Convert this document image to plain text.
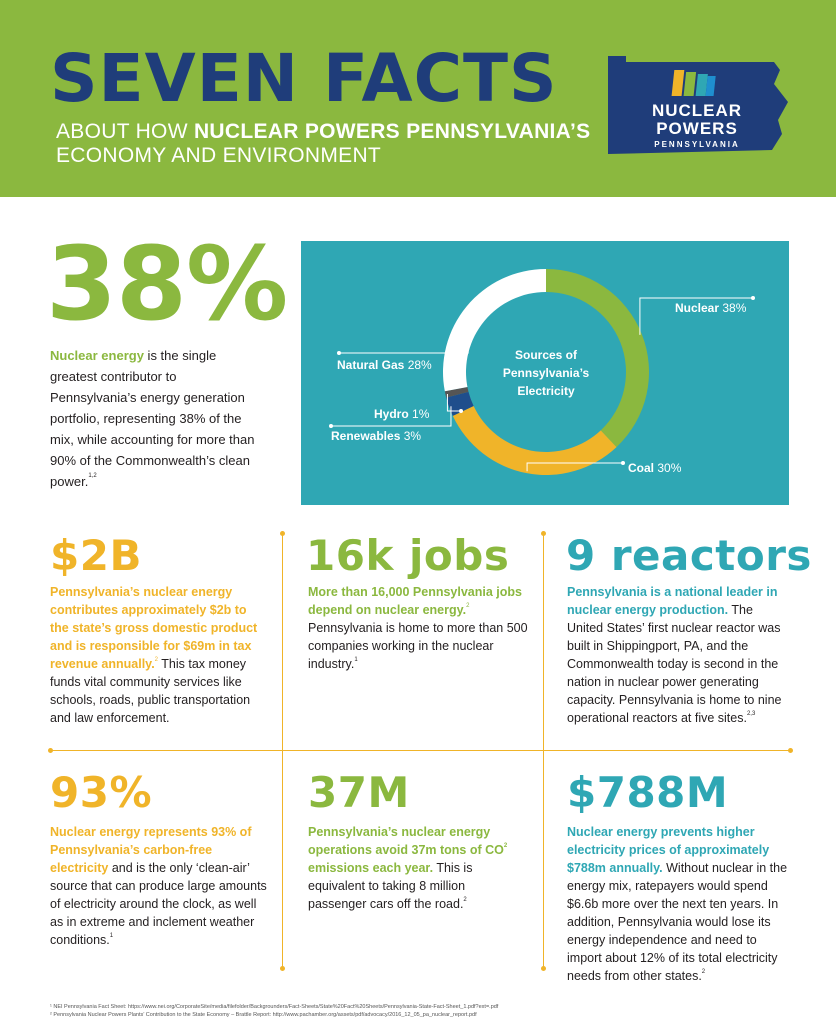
SEVEN FACTS
ABOUT HOW NUCLEAR POWERS PENNSYLVANIA’S
ECONOMY AND ENVIRONMENT
NUCLEAR
POWERS
PENNSYLVANIA
38%
Nuclear energy is the single greatest contributor to Pennsylvania’s energy generation portfolio, representing 38% of the mix, while accounting for more than 90% of the Commonwealth’s clean power.$^{1,2}$
Sources of
Pennsylvania’s
Electricity
Nuclear 38%
Coal 30%
Renewables 3%
Hydro 1%
Natural Gas 28%
$2B
Pennsylvania’s nuclear energy contributes approximately $2b to the state’s gross domestic product and is responsible for $69m in tax revenue annually.$^2$ This tax money funds vital community services like schools, roads, public transportation and law enforcement.
16k jobs
More than 16,000 Pennsylvania jobs depend on nuclear energy.$^2$ Pennsylvania is home to more than 500 companies working in the nuclear industry.$^1$
9 reactors
Pennsylvania is a national leader in nuclear energy production. The United States’ first nuclear reactor was built in Shippingport, PA, and the Commonwealth today is second in the nation in nuclear power generating capacity. Pennsylvania is home to nine operational reactors at five sites.$^{2,3}$
93%
Nuclear energy represents 93% of Pennsylvania’s carbon-free electricity and is the only ‘clean-air’ source that can produce large amounts of electricity around the clock, as well as in extreme and inclement weather conditions.$^1$
37M
Pennsylvania’s nuclear energy operations avoid 37m tons of $CO^2$ emissions each year. This is equivalent to taking 8 million passenger cars off the road.$^2$
$788M
Nuclear energy prevents higher electricity prices of approximately $788m annually. Without nuclear in the energy mix, ratepayers would spend $6.6b more over the next ten years. In addition, Pennsylvania would lose its energy independence and need to import about 12% of its total electricity needs from other states.$^2$
¹ NEI Pennsylvania Fact Sheet: https://www.nei.org/CorporateSite/media/filefolder/Backgrounders/Fact-Sheets/State%20Fact%20Sheets/Pennsylvania-State-Fact-Sheet_1.pdf?ext=.pdf
² Pennsylvania Nuclear Powers Plants’ Contribution to the State Economy – Brattle Report: http://www.pachamber.org/assets/pdf/advocacy/2016_12_05_pa_nuclear_report.pdf
